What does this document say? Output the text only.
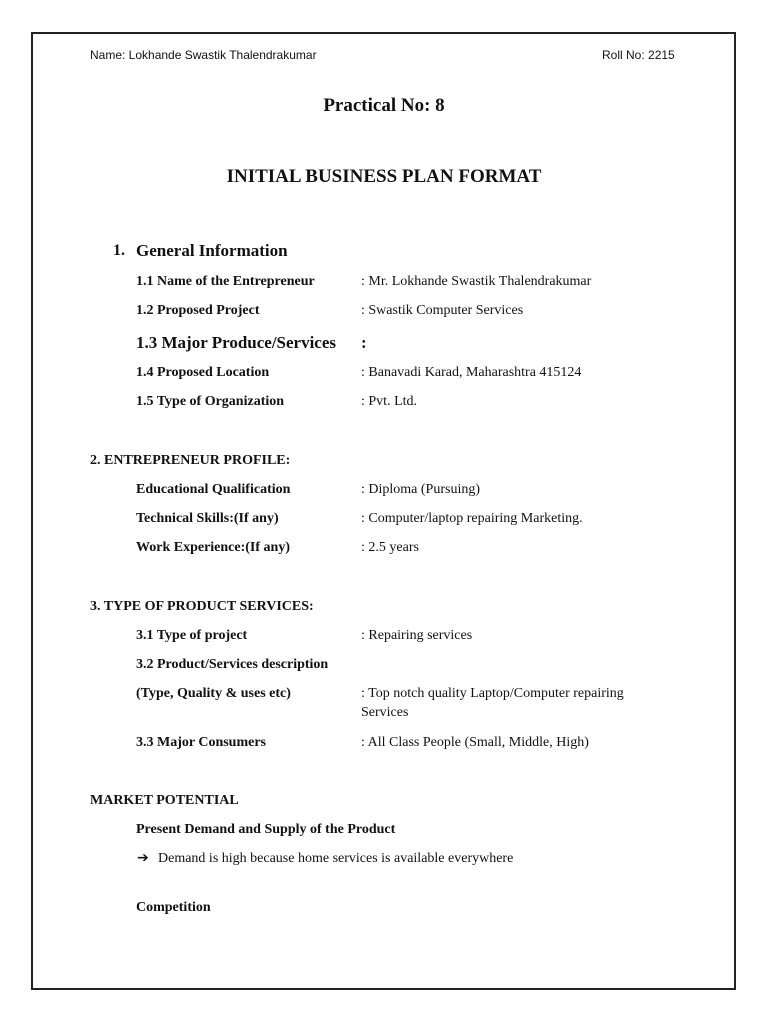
Name: Lokhande Swastik Thalendrakumar	Roll No: 2215
Practical No: 8
INITIAL BUSINESS PLAN FORMAT
1. General Information
1.1 Name of the Entrepreneur	: Mr. Lokhande Swastik Thalendrakumar
1.2 Proposed Project	: Swastik Computer Services
1.3 Major Produce/Services :
1.4 Proposed Location	: Banavadi Karad, Maharashtra 415124
1.5 Type of Organization	: Pvt. Ltd.
2. ENTREPRENEUR PROFILE:
Educational Qualification	: Diploma (Pursuing)
Technical Skills:(If any)	: Computer/laptop repairing Marketing.
Work Experience:(If any)	: 2.5 years
3. TYPE OF PRODUCT SERVICES:
3.1 Type of project	: Repairing services
3.2 Product/Services description
(Type, Quality & uses etc)	: Top notch quality Laptop/Computer repairing
Services
3.3 Major Consumers	: All Class People (Small, Middle, High)
MARKET POTENTIAL
Present Demand and Supply of the Product
➔ Demand is high because home services is available everywhere
Competition
